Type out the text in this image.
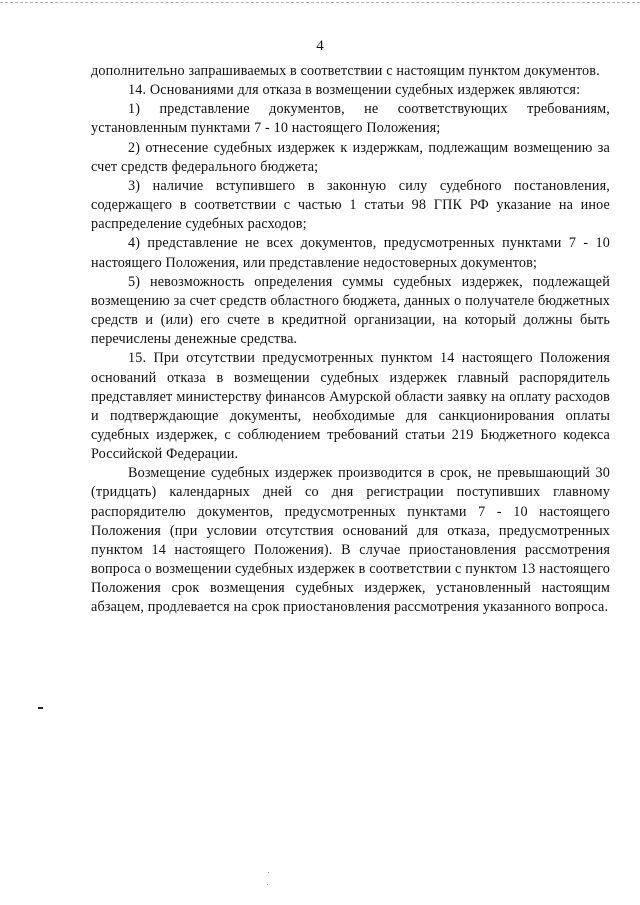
4

дополнительно запрашиваемых в соответствии с настоящим пунктом документов.

14. Основаниями для отказа в возмещении судебных издержек являются:

1) представление документов, не соответствующих требованиям, установленным пунктами 7 - 10 настоящего Положения;

2) отнесение судебных издержек к издержкам, подлежащим возмещению за счет средств федерального бюджета;

3) наличие вступившего в законную силу судебного постановления, содержащего в соответствии с частью 1 статьи 98 ГПК РФ указание на иное распределение судебных расходов;

4) представление не всех документов, предусмотренных пунктами 7 - 10 настоящего Положения, или представление недостоверных документов;

5) невозможность определения суммы судебных издержек, подлежащей возмещению за счет средств областного бюджета, данных о получателе бюджетных средств и (или) его счете в кредитной организации, на который должны быть перечислены денежные средства.

15. При отсутствии предусмотренных пунктом 14 настоящего Положения оснований отказа в возмещении судебных издержек главный распорядитель представляет министерству финансов Амурской области заявку на оплату расходов и подтверждающие документы, необходимые для санкционирования оплаты судебных издержек, с соблюдением требований статьи 219 Бюджетного кодекса Российской Федерации.

Возмещение судебных издержек производится в срок, не превышающий 30 (тридцать) календарных дней со дня регистрации поступивших главному распорядителю документов, предусмотренных пунктами 7 - 10 настоящего Положения (при условии отсутствия оснований для отказа, предусмотренных пунктом 14 настоящего Положения). В случае приостановления рассмотрения вопроса о возмещении судебных издержек в соответствии с пунктом 13 настоящего Положения срок возмещения судебных издержек, установленный настоящим абзацем, продлевается на срок приостановления рассмотрения указанного вопроса.
